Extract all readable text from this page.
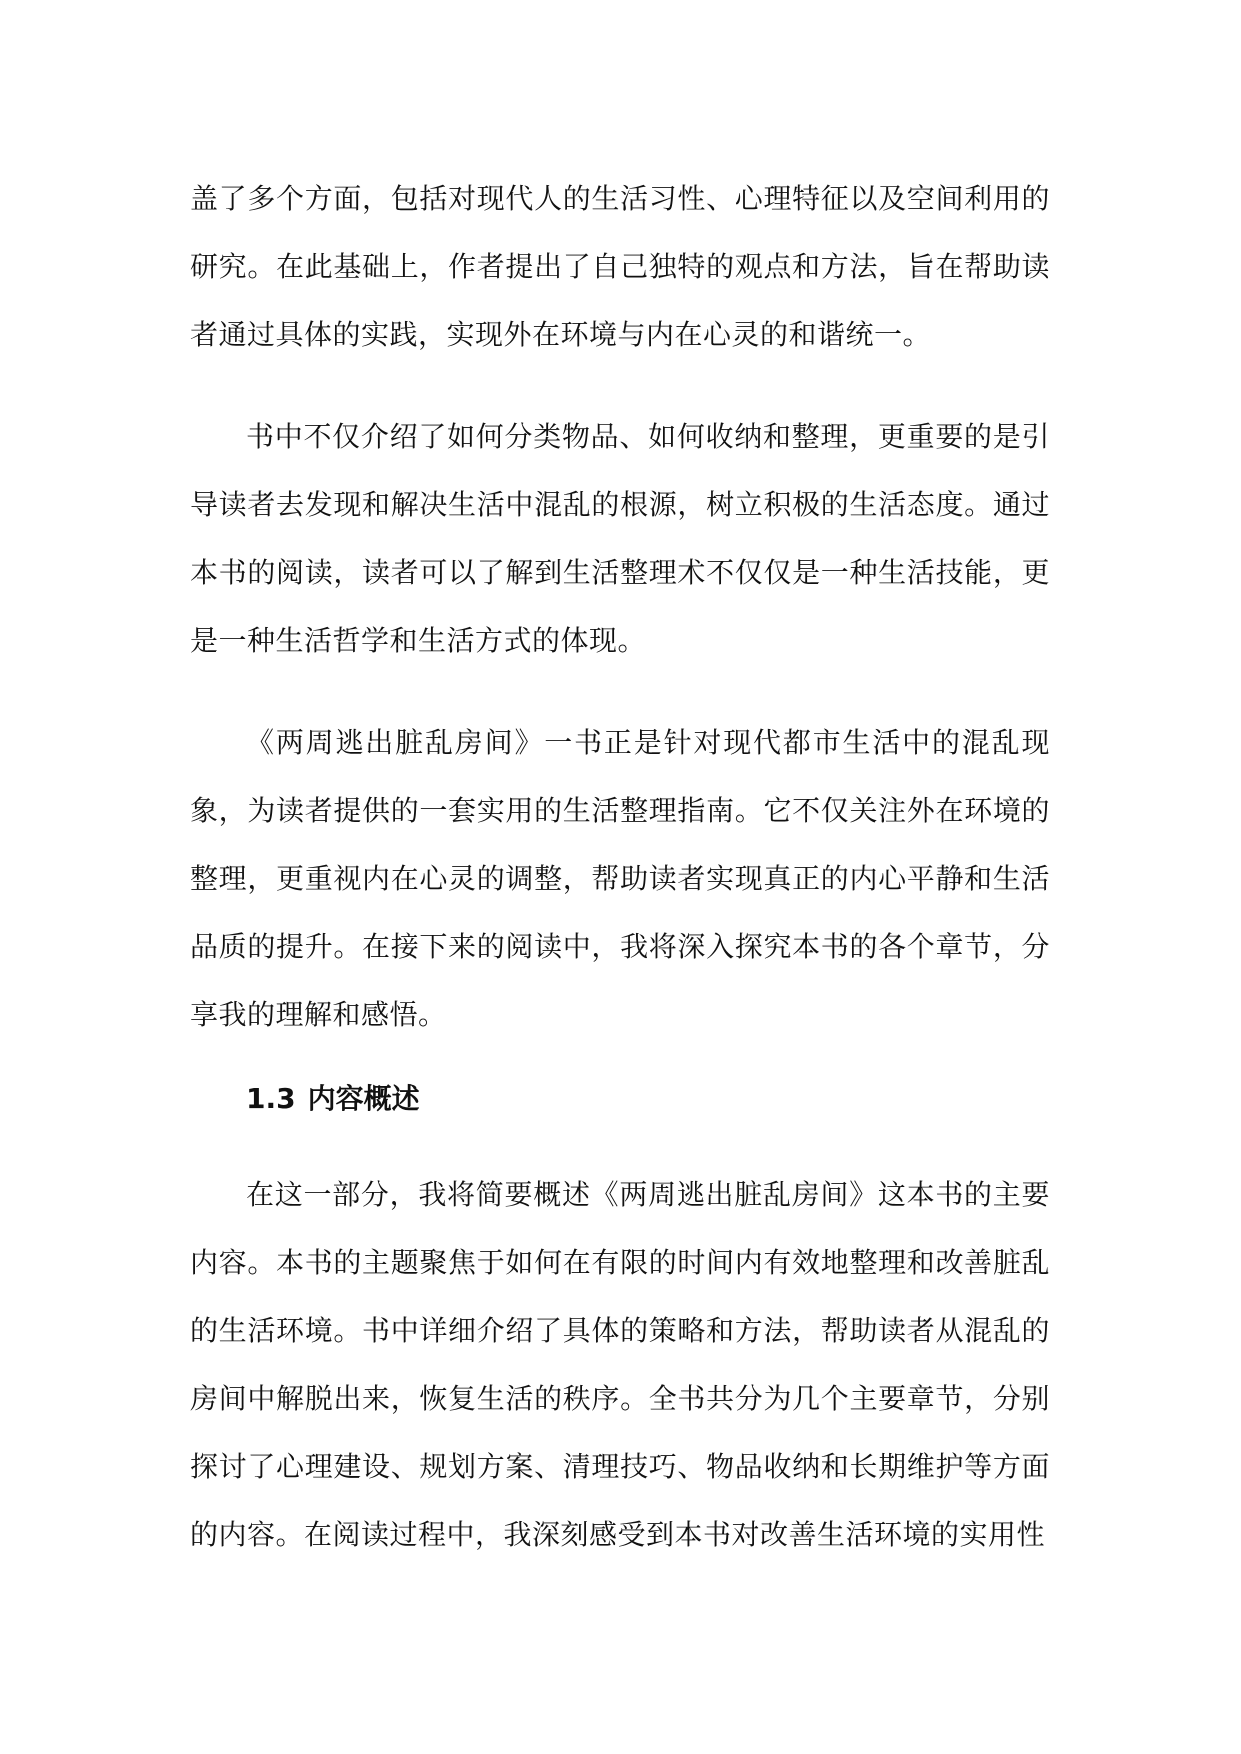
盖了多个方面，包括对现代人的生活习性、心理特征以及空间利用的研究。在此基础上，作者提出了自己独特的观点和方法，旨在帮助读者通过具体的实践，实现外在环境与内在心灵的和谐统一。

书中不仅介绍了如何分类物品、如何收纳和整理，更重要的是引导读者去发现和解决生活中混乱的根源，树立积极的生活态度。通过本书的阅读，读者可以了解到生活整理术不仅仅是一种生活技能，更是一种生活哲学和生活方式的体现。

《两周逃出脏乱房间》一书正是针对现代都市生活中的混乱现象，为读者提供的一套实用的生活整理指南。它不仅关注外在环境的整理，更重视内在心灵的调整，帮助读者实现真正的内心平静和生活品质的提升。在接下来的阅读中，我将深入探究本书的各个章节，分享我的理解和感悟。

1.3 内容概述

在这一部分，我将简要概述《两周逃出脏乱房间》这本书的主要内容。本书的主题聚焦于如何在有限的时间内有效地整理和改善脏乱的生活环境。书中详细介绍了具体的策略和方法，帮助读者从混乱的房间中解脱出来，恢复生活的秩序。全书共分为几个主要章节，分别探讨了心理建设、规划方案、清理技巧、物品收纳和长期维护等方面的内容。在阅读过程中，我深刻感受到本书对改善生活环境的实用性
